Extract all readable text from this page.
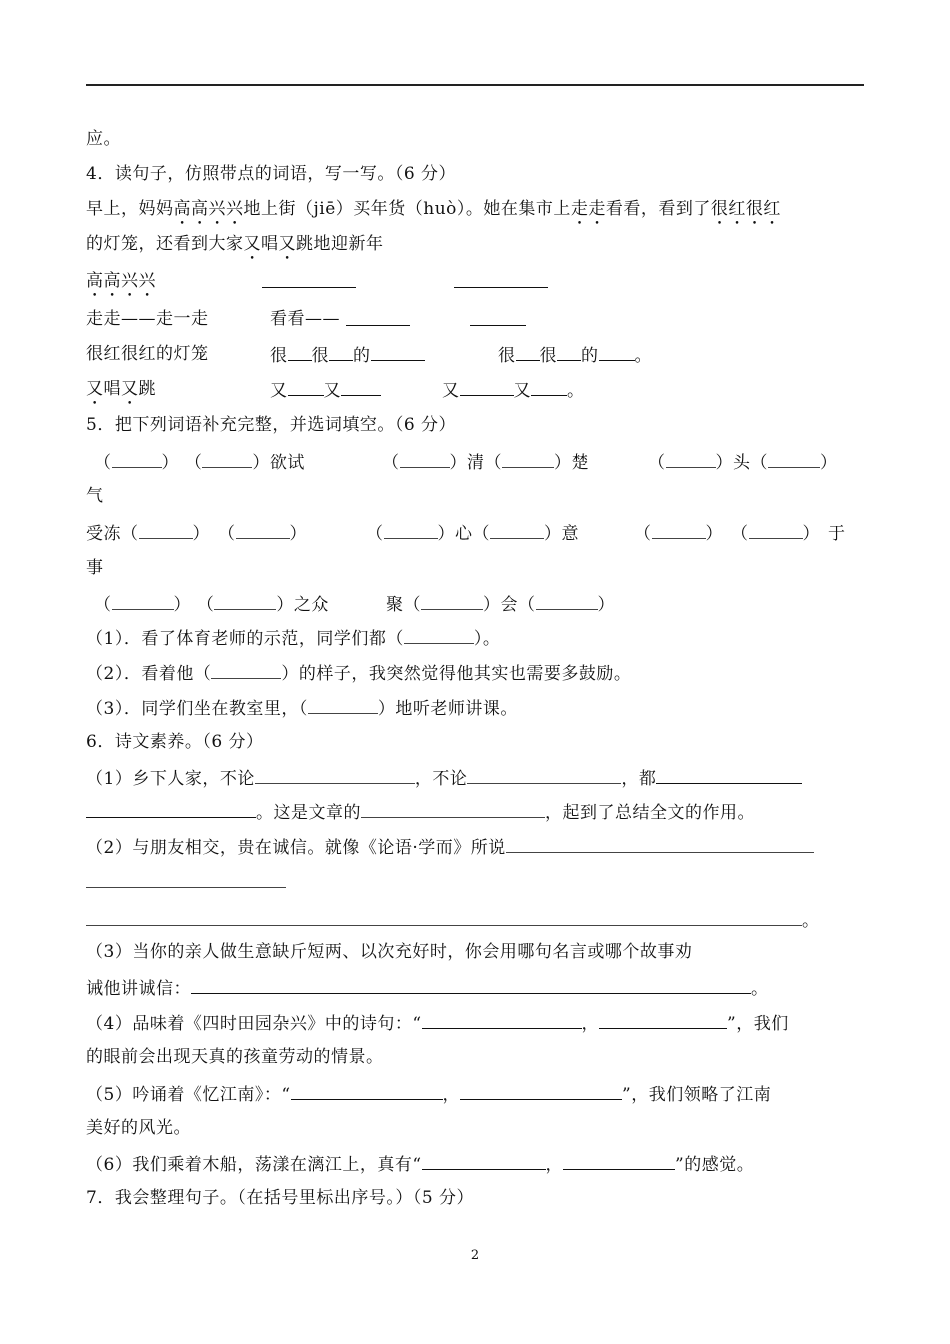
应。
4．读句子，仿照带点的词语，写一写。（6 分）
早上，妈妈高高兴兴地上街（jiē）买年货（huò）。她在集市上走走看看，看到了很红很红
的灯笼，还看到大家又唱又跳地迎新年
高高兴兴
走走——走一走	看看——
很红很红的灯笼	很 很 的	很 很 的 。
又唱又跳	又 又	又	又 。
5．把下列词语补充完整，并选词填空。（6 分）
（	） （	）欲试	（	）清（	）楚	（	）头（	）
气
受冻（	） （	）	（	）心（	）意	（	） （	） 于
事
（	） （	）之众	聚（	）会（	）
（1）．看了体育老师的示范，同学们都（	）。
（2）．看着他（	）的样子，我突然觉得他其实也需要多鼓励。
（3）．同学们坐在教室里，（	）地听老师讲课。
6．诗文素养。（6 分）
（1）乡下人家，不论	，不论	，都
。这是文章的	，起到了总结全文的作用。
（2）与朋友相交，贵在诚信。就像《论语·学而》所说
。
（3）当你的亲人做生意缺斤短两、以次充好时，你会用哪句名言或哪个故事劝
诫他讲诚信：	。
（4）品味着《四时田园杂兴》中的诗句：“	，	”，我们
的眼前会出现天真的孩童劳动的情景。
（5）吟诵着《忆江南》：“	，	”，我们领略了江南
美好的风光。
（6）我们乘着木船，荡漾在漓江上，真有“	，	”的感觉。
7．我会整理句子。（在括号里标出序号。）（5 分）
2
